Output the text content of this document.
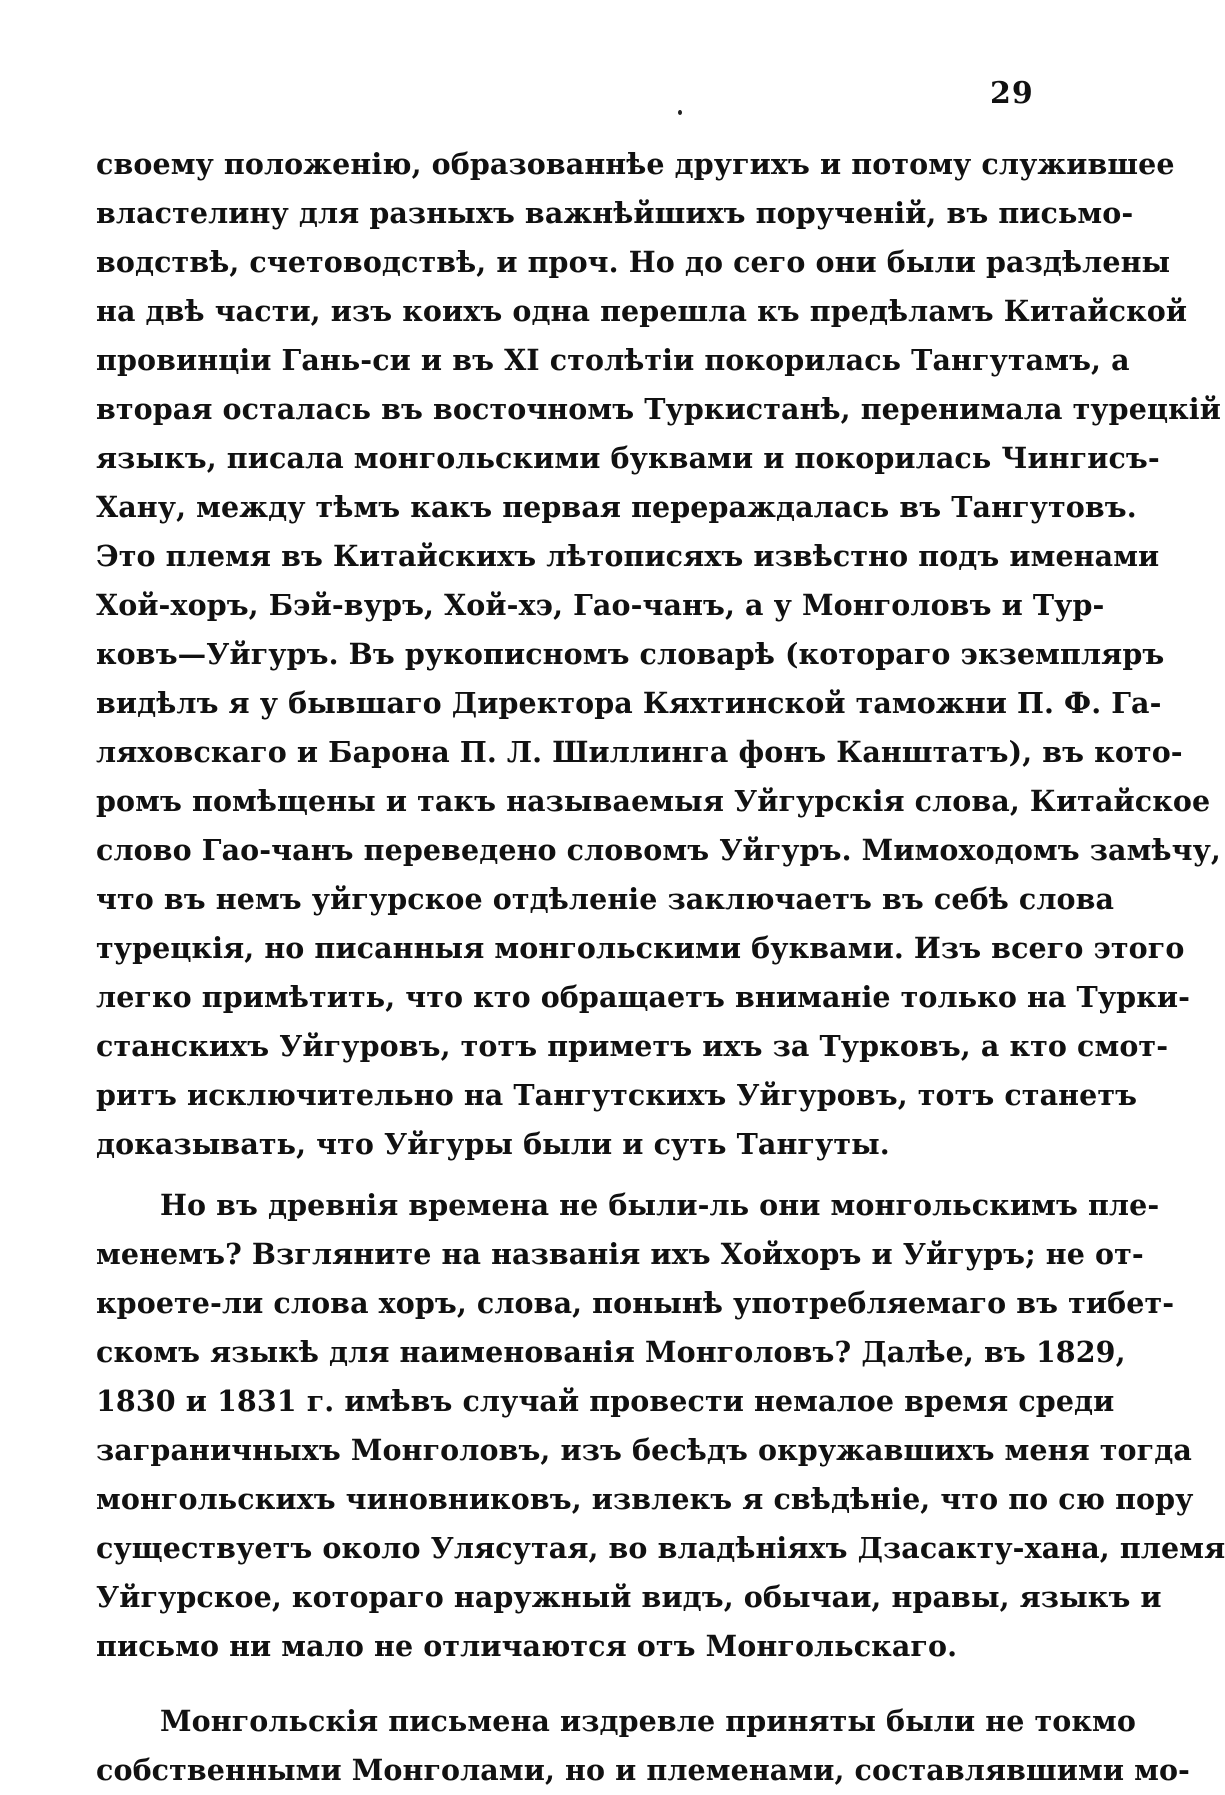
29
своему положенію, образованнѣе другихъ и потому служившее
властелину для разныхъ важнѣйшихъ порученій, въ письмо-
водствѣ, счетоводствѣ, и проч. Но до сего они были раздѣлены
на двѣ части, изъ коихъ одна перешла къ предѣламъ Китайской
провинціи Гань-си и въ XI столѣтіи покорилась Тангутамъ, а
вторая осталась въ восточномъ Туркистанѣ, перенимала турецкій
языкъ, писала монгольскими буквами и покорилась Чингисъ-
Хану, между тѣмъ какъ первая перераждалась въ Тангутовъ.
Это племя въ Китайскихъ лѣтописяхъ извѣстно подъ именами
Хой-хоръ, Бэй-вуръ, Хой-хэ, Гао-чанъ, а у Монголовъ и Тур-
ковъ—Уйгуръ. Въ рукописномъ словарѣ (котораго экземпляръ
видѣлъ я у бывшаго Директора Кяхтинской таможни П. Ф. Га-
ляховскаго и Барона П. Л. Шиллинга фонъ Канштатъ), въ кото-
ромъ помѣщены и такъ называемыя Уйгурскія слова, Китайское
слово Гао-чанъ переведено словомъ Уйгуръ. Мимоходомъ замѣчу,
что въ немъ уйгурское отдѣленіе заключаетъ въ себѣ слова
турецкія, но писанныя монгольскими буквами. Изъ всего этого
легко примѣтить, что кто обращаетъ вниманіе только на Турки-
станскихъ Уйгуровъ, тотъ приметъ ихъ за Турковъ, а кто смот-
ритъ исключительно на Тангутскихъ Уйгуровъ, тотъ станетъ
доказывать, что Уйгуры были и суть Тангуты.
Но въ древнія времена не были-ль они монгольскимъ пле-
менемъ? Взгляните на названія ихъ Хойхоръ и Уйгуръ; не от-
кроете-ли слова хоръ, слова, понынѣ употребляемаго въ тибет-
скомъ языкѣ для наименованія Монголовъ? Далѣе, въ 1829,
1830 и 1831 г. имѣвъ случай провести немалое время среди
заграничныхъ Монголовъ, изъ бесѣдъ окружавшихъ меня тогда
монгольскихъ чиновниковъ, извлекъ я свѣдѣніе, что по сю пору
существуетъ около Улясутая, во владѣніяхъ Дзасакту-хана, племя
Уйгурское, котораго наружный видъ, обычаи, нравы, языкъ и
письмо ни мало не отличаются отъ Монгольскаго.
Монгольскія письмена издревле приняты были не токмо
собственными Монголами, но и племенами, составлявшими мо-
